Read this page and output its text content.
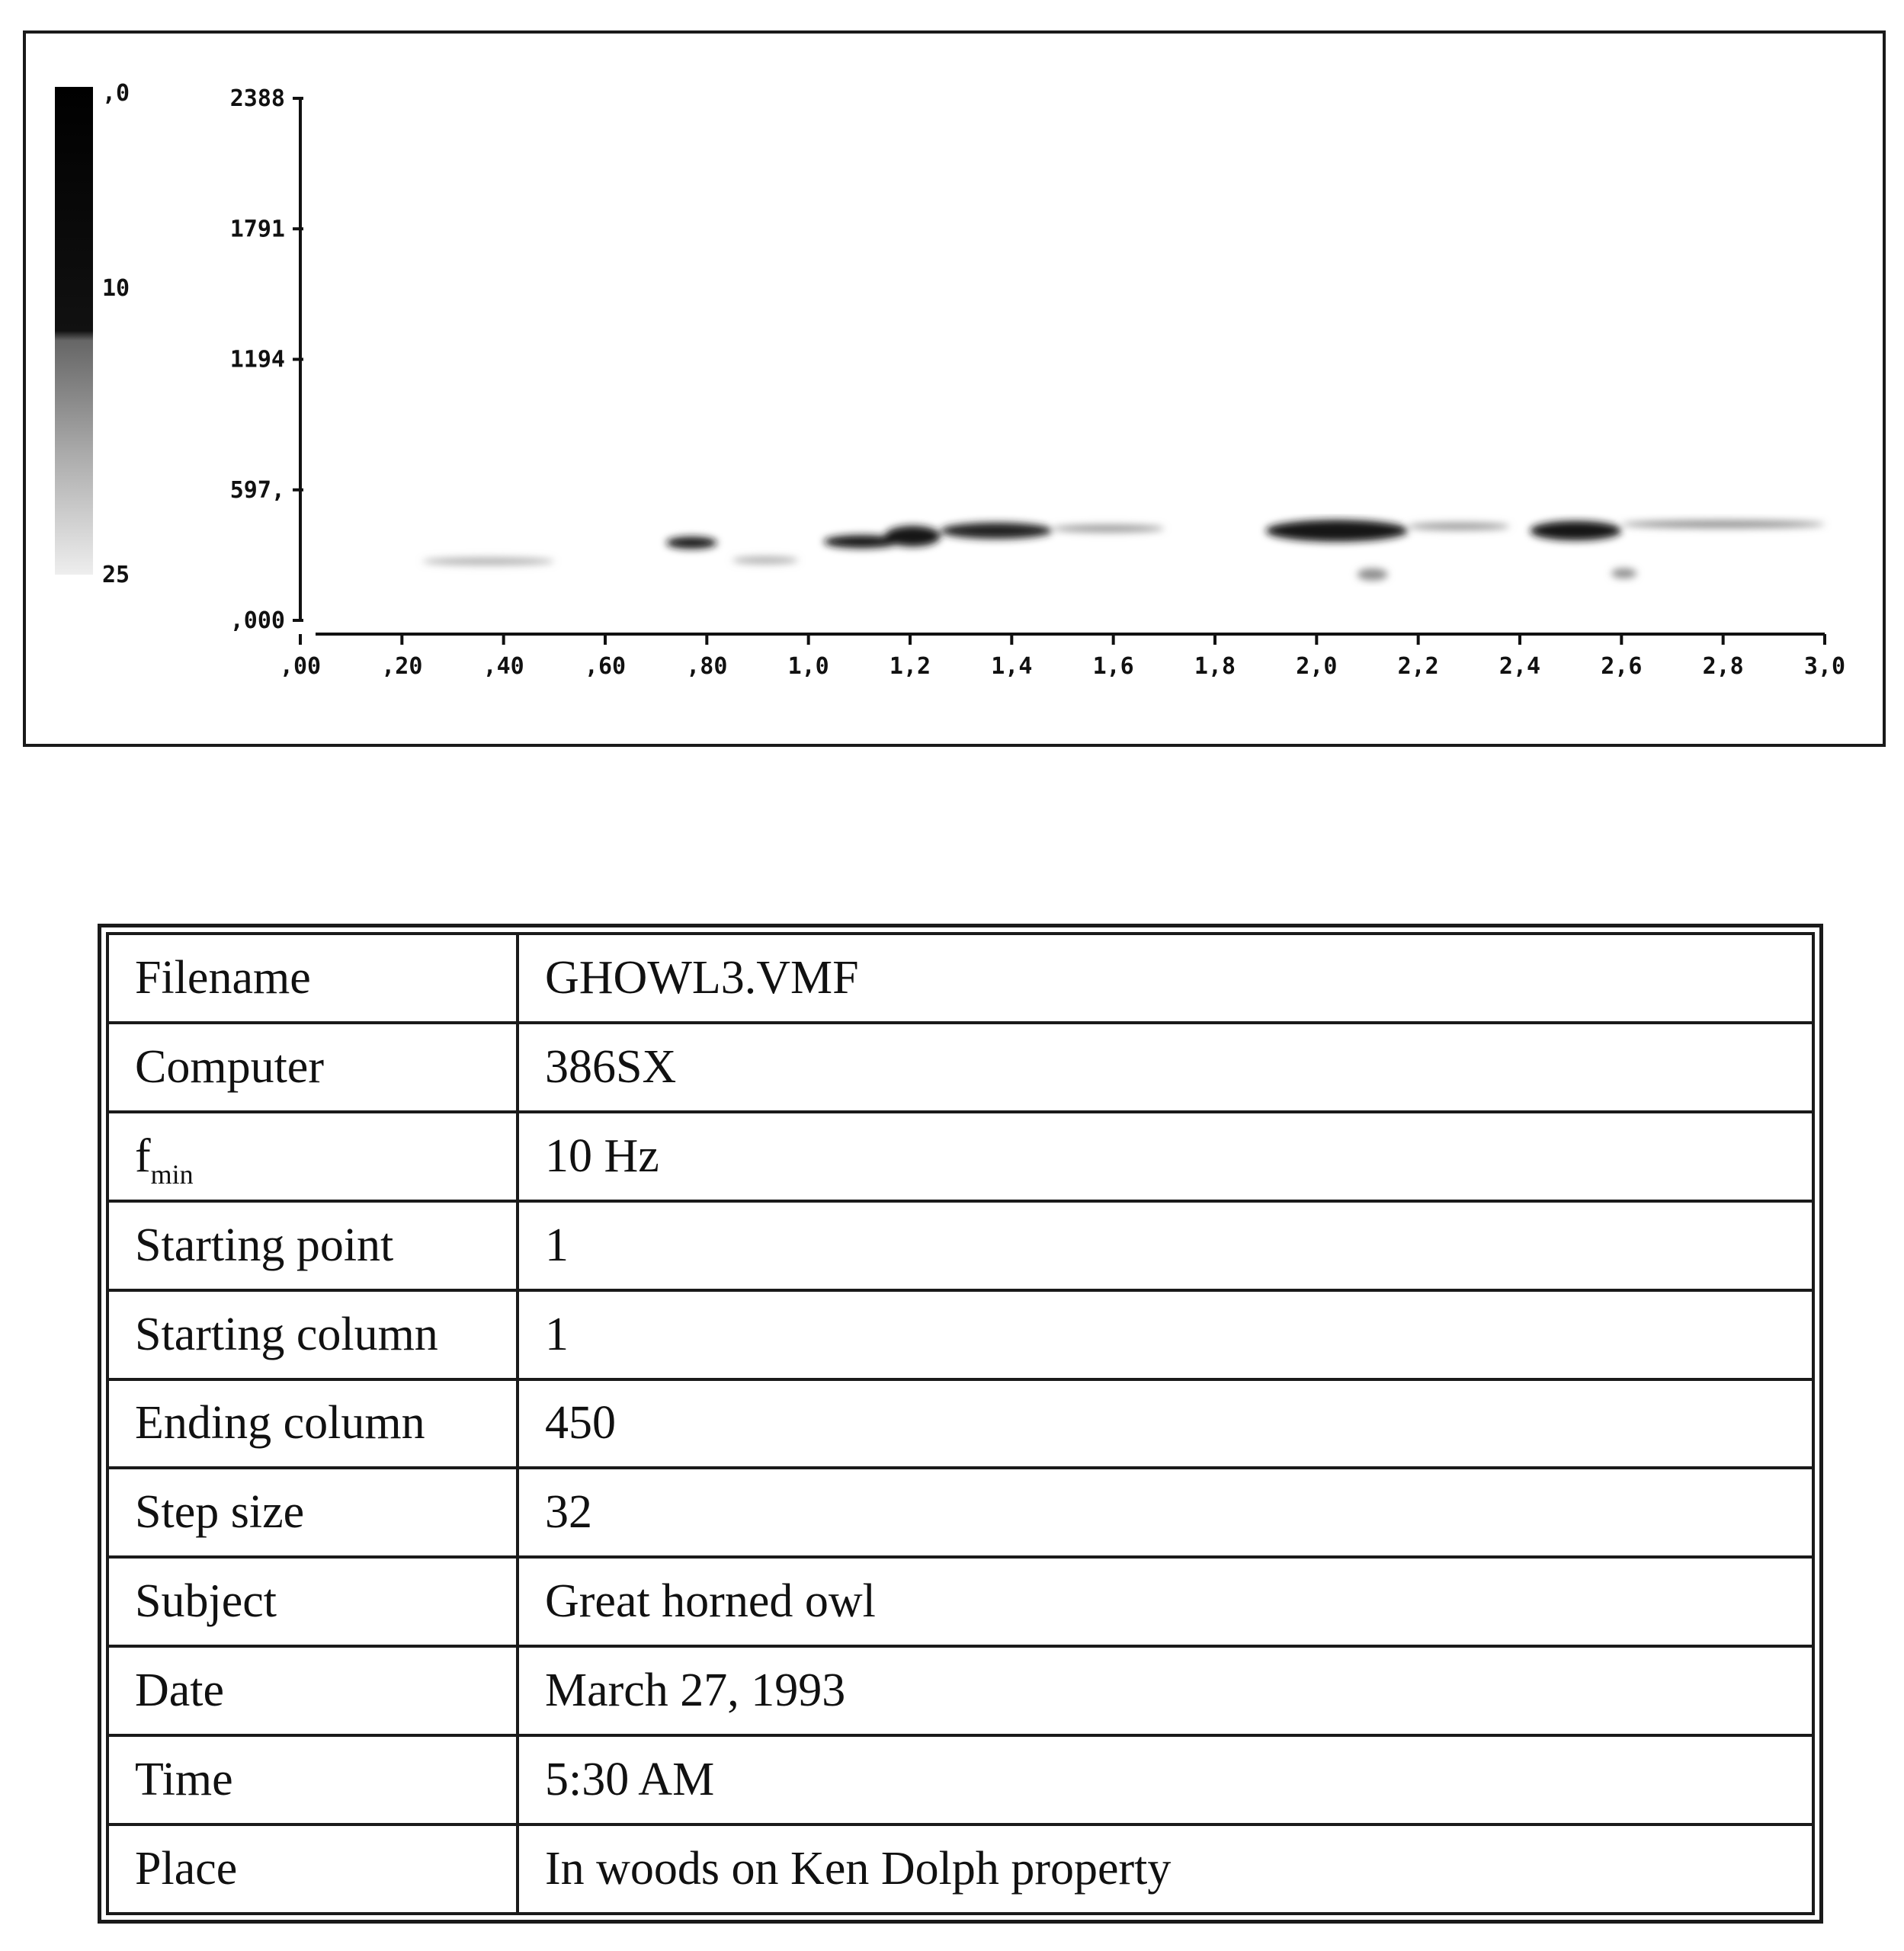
,0
10
25
,000
597,
1194
1791
2388
,00	,20	,40	,60	,80	1,0	1,2	1,4	1,6	1,8	2,0	2,2	2,4	2,6	2,8	3,0
Filename	GHOWL3.VMF
Computer	386SX
$f_{min}$	10 Hz
Starting point	1
Starting column	1
Ending column	450
Step size	32
Subject	Great horned owl
Date	March 27, 1993
Time	5:30 AM
Place	In woods on Ken Dolph property
